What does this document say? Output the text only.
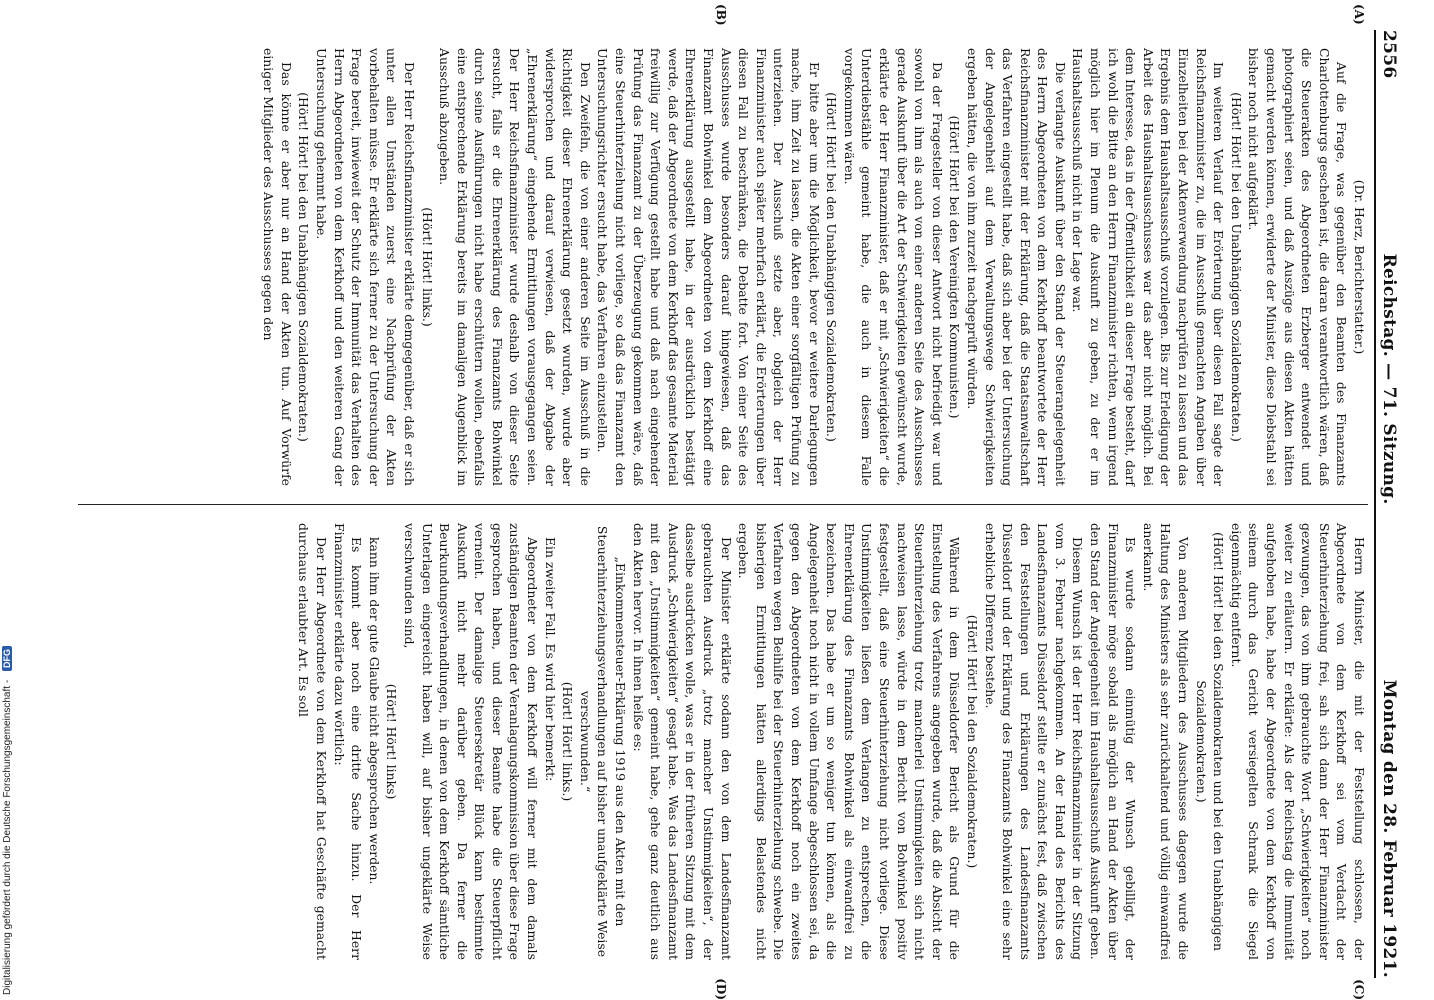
2556
Reichstag. — 71. Sitzung.
Montag den 28. Februar 1921.
(A)
(B)
(C)
(D)

(Dr. Herz, Berichterstatter.)

Auf die Frage, was gegenüber den Beamten des Finanzamts Charlottenburgs geschehen ist, die daran verantwortlich wären, daß die Steuerakten des Abgeordneten Erzberger entwendet und photographiert seien, und daß Auszüge aus diesen Akten hätten gemacht werden können, erwiderte der Minister, diese Diebstahl sei bisher noch nicht aufgeklärt.

(Hört! Hört! bei den Unabhängigen Sozialdemokraten.)

Im weiteren Verlauf der Erörterung über diesen Fall sagte der Reichsfinanzminister zu, die im Ausschuß gemachten Angaben über Einzelheiten bei der Aktenverwendung nachprüfen zu lassen und das Ergebnis dem Haushaltsausschuß vorzulegen. Bis zur Erledigung der Arbeit des Haushaltsausschusses war das aber nicht möglich. Bei dem Interesse, das in der Öffentlichkeit an dieser Frage besteht, darf ich wohl die Bitte an den Herrn Finanzminister richten, wenn irgend möglich hier im Plenum die Auskunft zu geben, zu der er im Haushaltsausschuß nicht in der Lage war.

Die verlangte Auskunft über den Stand der Steuerangelegenheit des Herrn Abgeordneten von dem Kerkhoff beantwortete der Herr Reichsfinanzminister mit der Erklärung, daß die Staatsanwaltschaft das Verfahren eingestellt habe, daß sich aber bei der Untersuchung der Angelegenheit auf dem Verwaltungswege Schwierigkeiten ergeben hätten, die von ihm zurzeit nachgeprüft würden.

(Hört! Hört! bei den Vereinigten Kommunisten.)

Da der Fragesteller von dieser Antwort nicht befriedigt war und sowohl von ihm als auch von einer anderen Seite des Ausschusses gerade Auskunft über die Art der Schwierigkeiten gewünscht wurde, erklärte der Herr Finanzminister, daß er mit „Schwierigkeiten“ die Unterdiebstähle gemeint habe, die auch in diesem Falle vorgekommen wären.

(Hört! Hört! bei den Unabhängigen Sozialdemokraten.)

Er bitte aber um die Möglichkeit, bevor er weitere Darlegungen mache, ihm Zeit zu lassen, die Akten einer sorgfältigen Prüfung zu unterziehen. Der Ausschuß setzte aber, obgleich der Herr Finanzminister auch später mehrfach erklärt, die Erörterungen über diesen Fall zu beschränken, die Debatte fort. Von einer Seite des Ausschusses wurde besonders darauf hingewiesen, daß das Finanzamt Bohwinkel dem Abgeordneten von dem Kerkhoff eine Ehrenerklärung ausgestellt habe, in der ausdrücklich bestätigt werde, daß der Abgeordnete von dem Kerkhoff das gesamte Material freiwillig zur Verfügung gestellt habe und daß nach eingehender Prüfung das Finanzamt zu der Überzeugung gekommen wäre, daß eine Steuerhinterziehung nicht vorliege, so daß das Finanzamt den Untersuchungsrichter ersucht habe, das Verfahren einzustellen.

Den Zweifeln, die von einer anderen Seite im Ausschuß in die Richtigkeit dieser Ehrenerklärung gesetzt wurden, wurde aber widersprochen und darauf verwiesen, daß der Abgabe der „Ehrenerklärung“ eingehende Ermittlungen vorausgegangen seien. Der Herr Reichsfinanzminister wurde deshalb von dieser Seite ersucht, falls er die Ehrenerklärung des Finanzamts Bohwinkel durch seine Ausführungen nicht habe erschüttern wollen, ebenfalls eine entsprechende Erklärung bereits im damaligen Augenblick im Ausschuß abzugeben.

(Hört! Hört! links.)

Der Herr Reichsfinanzminister erklärte demgegenüber, daß er sich unter allen Umständen zuerst eine Nachprüfung der Akten vorbehalten müsse. Er erklärte sich ferner zu der Untersuchung der Frage bereit, inwieweit der Schutz der Immunität das Verhalten des Herrn Abgeordneten von dem Kerkhoff und den weiteren Gang der Untersuchung gehemmt habe.

(Hört! Hört! bei den Unabhängigen Sozialdemokraten.)

Das könne er aber nur an Hand der Akten tun. Auf Vorwürfe einiger Mitglieder des Ausschusses gegen den

Herrn Minister, die mit der Feststellung schlossen, der Abgeordnete von dem Kerkhoff sei vom Verdacht der Steuerhinterziehung frei, sah sich dann der Herr Finanzminister gezwungen, das von ihm gebrauchte Wort „Schwierigkeiten“ noch weiter zu erläutern. Er erklärte: Als der Reichstag die Immunität aufgehoben habe, habe der Abgeordnete von dem Kerkhoff von seinem durch das Gericht versiegelten Schrank die Siegel eigenmächtig entfernt.

(Hört! Hört! bei den Sozialdemokraten und bei den Unabhängigen Sozialdemokraten.)

Von anderen Mitgliedern des Ausschusses dagegen wurde die Haltung des Ministers als sehr zurückhaltend und völlig einwandfrei anerkannt.

Es wurde sodann einmütig der Wunsch gebilligt, der Finanzminister möge sobald als möglich an Hand der Akten über den Stand der Angelegenheit im Haushaltsausschuß Auskunft geben.

Diesem Wunsch ist der Herr Reichsfinanzminister in der Sitzung vom 3. Februar nachgekommen. An der Hand des Berichts des Landesfinanzamts Düsseldorf stellte er zunächst fest, daß zwischen den Feststellungen und Erklärungen des Landesfinanzamts Düsseldorf und der Erklärung des Finanzamts Bohwinkel eine sehr erhebliche Differenz bestehe.

(Hört! Hört! bei den Sozialdemokraten.)

Während in dem Düsseldorfer Bericht als Grund für die Einstellung des Verfahrens angegeben wurde, daß die Absicht der Steuerhinterziehung trotz mancherlei Unstimmigkeiten sich nicht nachweisen lasse, würde in dem Bericht von Bohwinkel positiv festgestellt, daß eine Steuerhinterziehung nicht vorliege. Diese Unstimmigkeiten ließen dem Verlangen zu entsprechen, die Ehrenerklärung des Finanzamts Bohwinkel als einwandfrei zu bezeichnen. Das habe er um so weniger tun können, als die Angelegenheit noch nicht in vollem Umfange abgeschlossen sei, da gegen den Abgeordneten von dem Kerkhoff noch ein zweites Verfahren wegen Beihilfe bei der Steuerhinterziehung schwebe. Die bisherigen Ermittlungen hätten allerdings Belastendes nicht ergeben.

Der Minister erklärte sodann den von dem Landesfinanzamt gebrauchten Ausdruck „trotz mancher Unstimmigkeiten“, der dasselbe ausdrücken wolle, was er in der früheren Sitzung mit dem Ausdruck „Schwierigkeiten“ gesagt habe. Was das Landesfinanzamt mit den „Unstimmigkeiten“ gemeint habe, gehe ganz deutlich aus den Akten hervor. In ihnen heiße es:

„Einkommensteuer-Erklärung 1919 aus den Akten mit den Steuerhinterziehungsverhandlungen auf bisher unaufgeklärte Weise verschwunden.“

(Hört! Hört! links.)

Ein zweiter Fall. Es wird hier bemerkt:

Abgeordneter von dem Kerkhoff will ferner mit dem damals zuständigen Beamten der Veranlagungskommission über diese Frage gesprochen haben, und dieser Beamte habe die Steuerpflicht verneint. Der damalige Steuersekretär Blück kann bestimmte Auskunft nicht mehr darüber geben. Da ferner die Beurkundungsverhandlungen, in denen von dem Kerkhoff sämtliche Unterlagen eingereicht haben will, auf bisher ungeklärte Weise verschwunden sind,

(Hört! Hört! links)

kann ihm der gute Glaube nicht abgesprochen werden.

Es kommt aber noch eine dritte Sache hinzu. Der Herr Finanzminister erklärte dazu wörtlich:

Der Herr Abgeordnete von dem Kerkhoff hat Geschäfte gemacht durchaus erlaubter Art. Es soll

Digitalisierung gefördert durch die Deutsche Forschungsgemeinschaft - DFG
